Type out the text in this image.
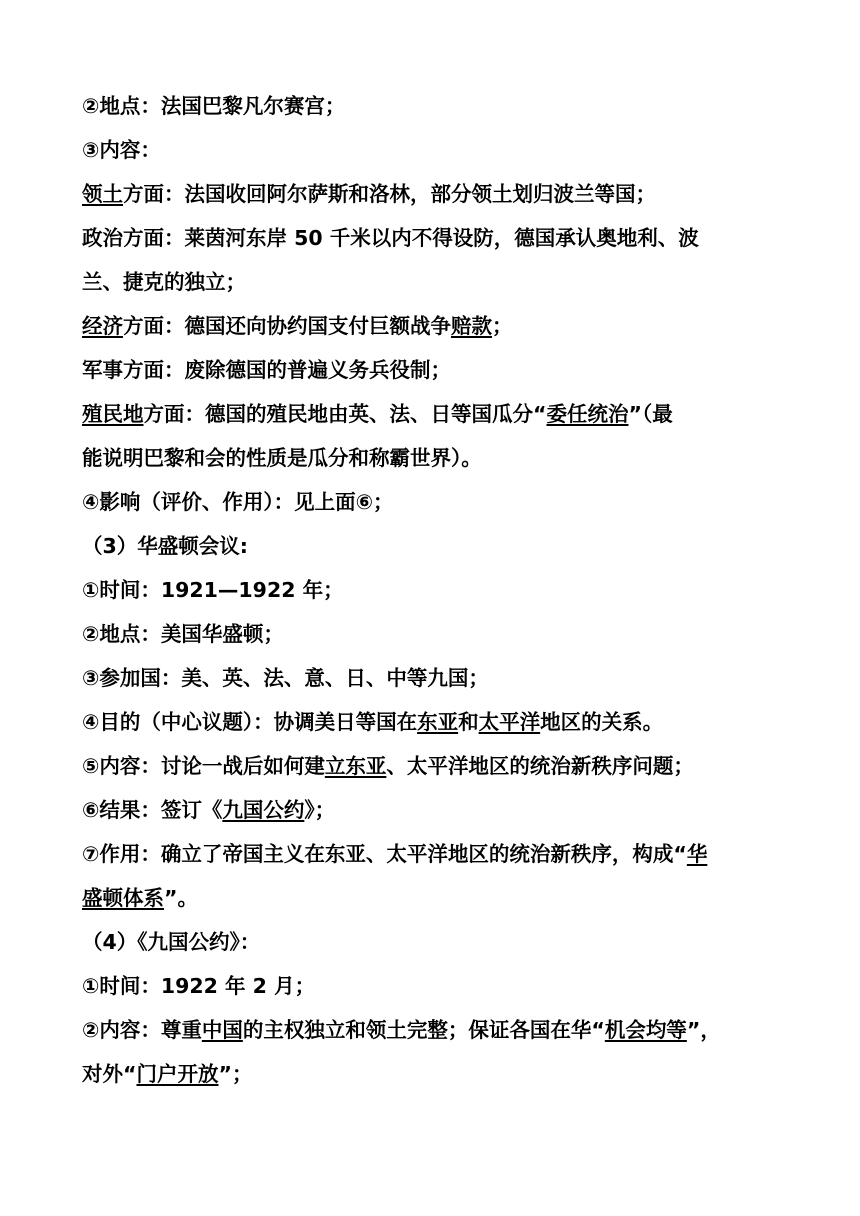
②地点：法国巴黎凡尔赛宫；
③内容：
领土方面：法国收回阿尔萨斯和洛林，部分领土划归波兰等国；
政治方面：莱茵河东岸 50 千米以内不得设防，德国承认奥地利、波
兰、捷克的独立；
经济方面：德国还向协约国支付巨额战争赔款；
军事方面：废除德国的普遍义务兵役制；
殖民地方面：德国的殖民地由英、法、日等国瓜分“委任统治”（最
能说明巴黎和会的性质是瓜分和称霸世界）。
④影响（评价、作用）：见上面⑥；
（3）华盛顿会议:
①时间：1921—1922 年；
②地点：美国华盛顿；
③参加国：美、英、法、意、日、中等九国；
④目的（中心议题）：协调美日等国在东亚和太平洋地区的关系。
⑤内容：讨论一战后如何建立东亚、太平洋地区的统治新秩序问题；
⑥结果：签订《九国公约》；
⑦作用：确立了帝国主义在东亚、太平洋地区的统治新秩序，构成“华
盛顿体系”。
（4）《九国公约》：
①时间：1922 年 2 月；
②内容：尊重中国的主权独立和领土完整；保证各国在华“机会均等”，
对外“门户开放”；
